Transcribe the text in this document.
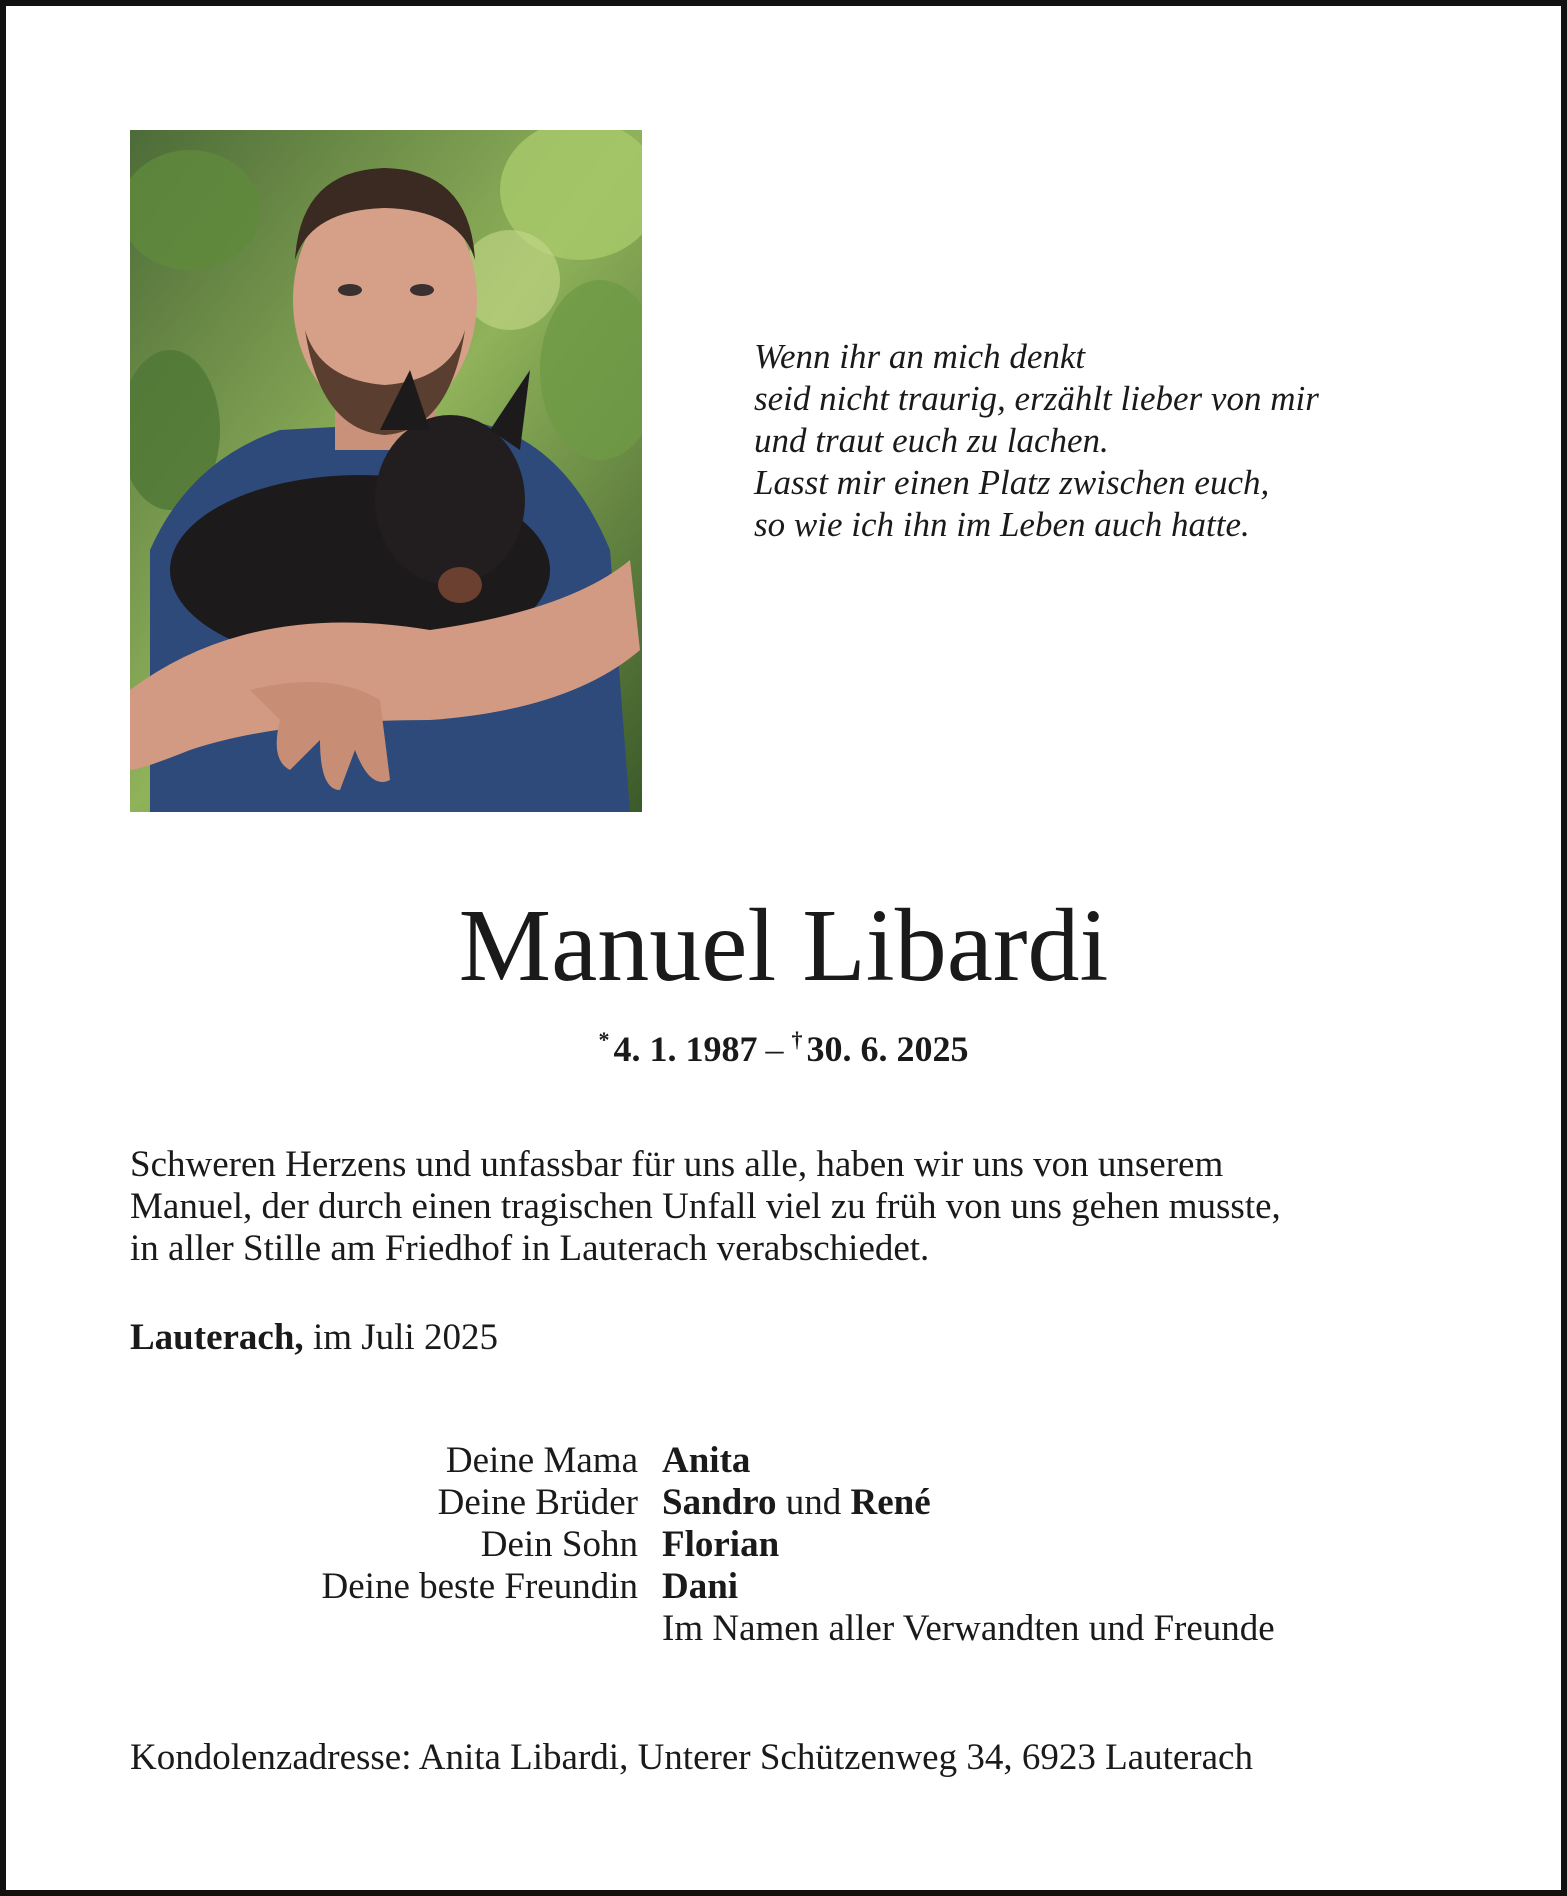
Wenn ihr an mich denkt
seid nicht traurig, erzählt lieber von mir
und traut euch zu lachen.
Lasst mir einen Platz zwischen euch,
so wie ich ihn im Leben auch hatte.
Manuel Libardi
* 4. 1. 1987 – † 30. 6. 2025
Schweren Herzens und unfassbar für uns alle, haben wir uns von unserem
Manuel, der durch einen tragischen Unfall viel zu früh von uns gehen musste,
in aller Stille am Friedhof in Lauterach verabschiedet.
Lauterach, im Juli 2025
Deine Mama Anita
Deine Brüder Sandro und René
Dein Sohn Florian
Deine beste Freundin Dani
Im Namen aller Verwandten und Freunde
Kondolenzadresse: Anita Libardi, Unterer Schützenweg 34, 6923 Lauterach
